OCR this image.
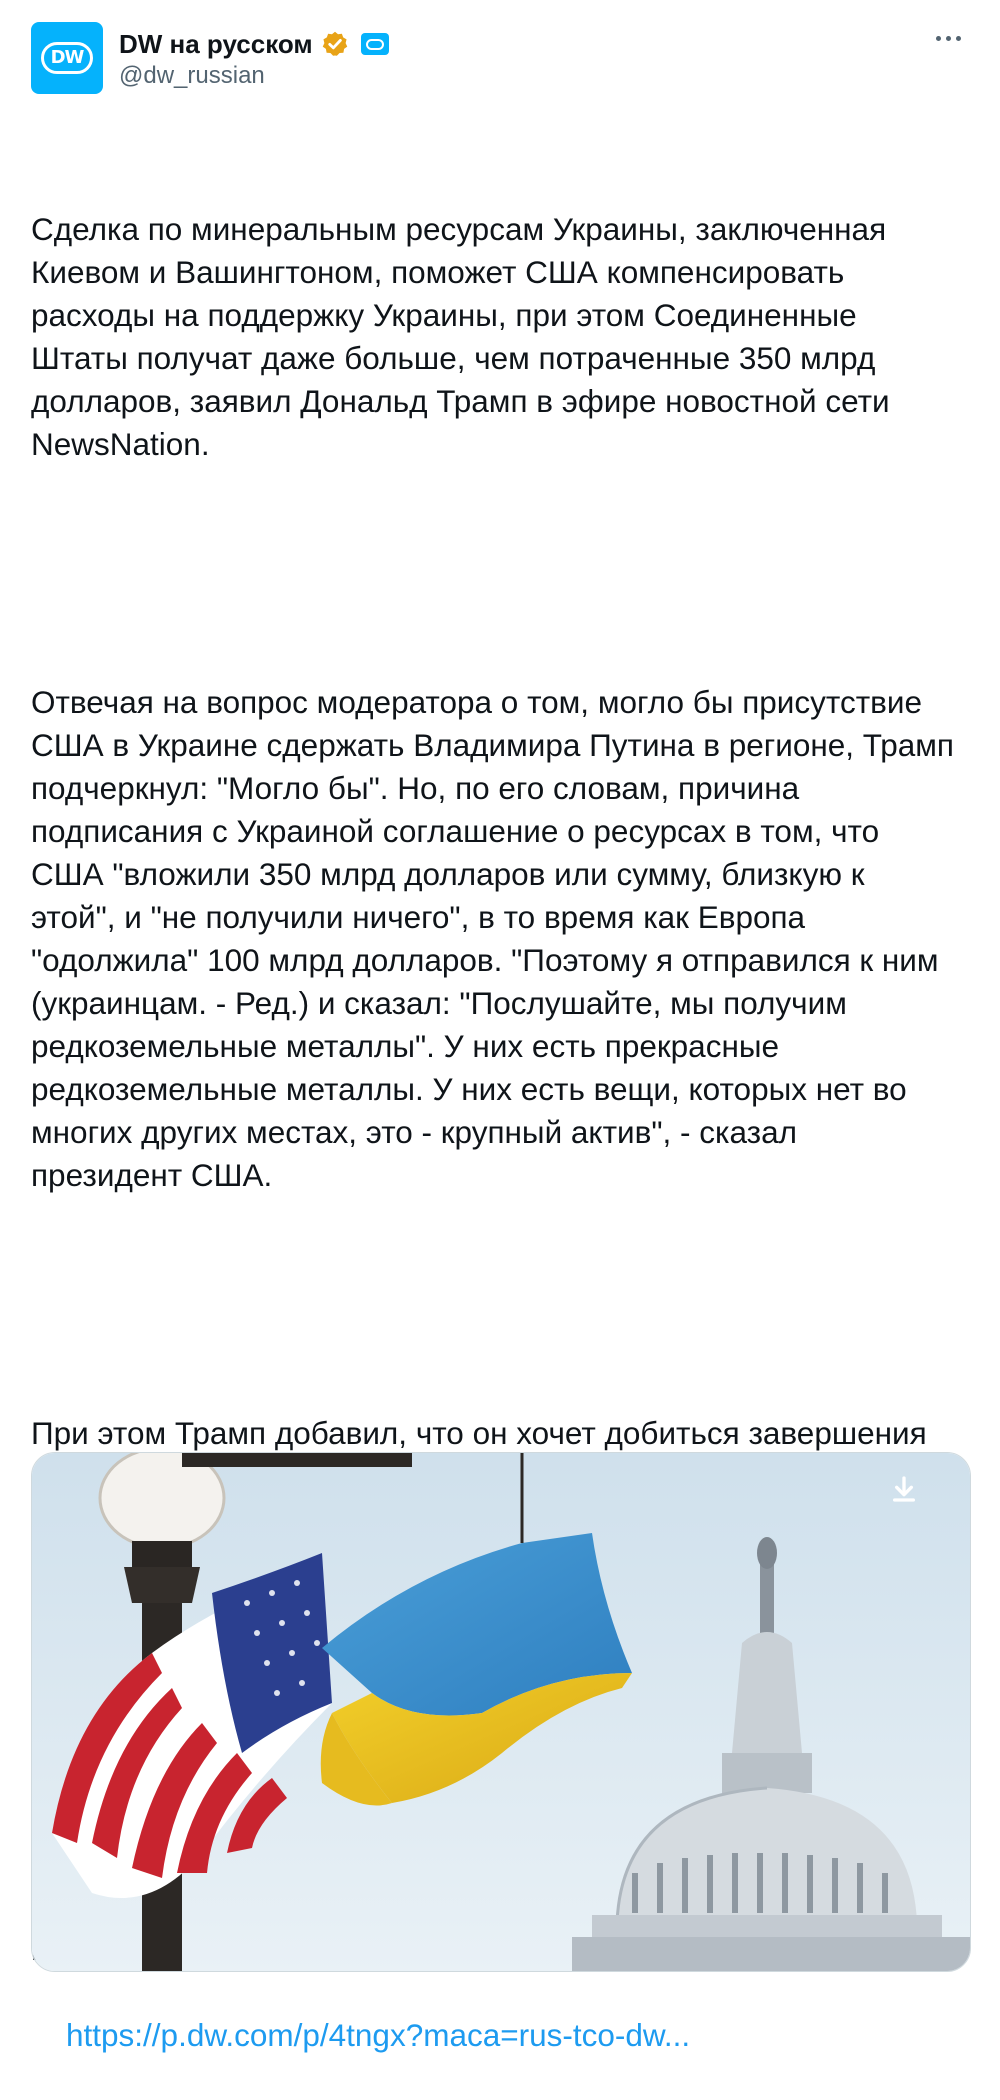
DW	DW на русском
@dw_russian

Сделка по минеральным ресурсам Украины, заключенная
Киевом и Вашингтоном, поможет США компенсировать
расходы на поддержку Украины, при этом Соединенные
Штаты получат даже больше, чем потраченные 350 млрд
долларов, заявил Дональд Трамп в эфире новостной сети
NewsNation.

Отвечая на вопрос модератора о том, могло бы присутствие
США в Украине сдержать Владимира Путина в регионе, Трамп
подчеркнул: "Могло бы". Но, по его словам, причина
подписания с Украиной соглашение о ресурсах в том, что
США "вложили 350 млрд долларов или сумму, близкую к
этой", и "не получили ничего", в то время как Европа
"одолжила" 100 млрд долларов. "Поэтому я отправился к ним
(украинцам. - Ред.) и сказал: "Послушайте, мы получим
редкоземельные металлы". У них есть прекрасные
редкоземельные металлы. У них есть вещи, которых нет во
многих других местах, это - крупный актив", - сказал
президент США.

При этом Трамп добавил, что он хочет добиться завершения

https://p.dw.com/p/4tngx?maca=rus-tco-dw...
